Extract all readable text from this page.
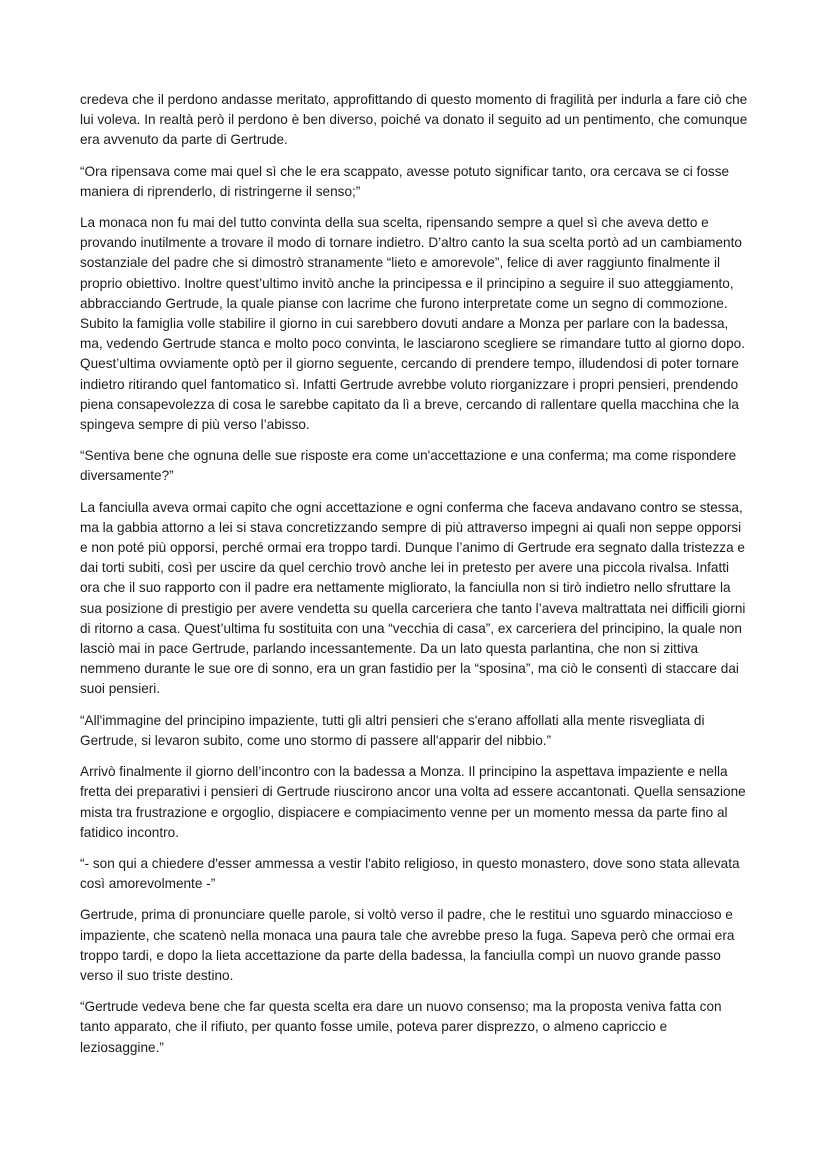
credeva che il perdono andasse meritato, approfittando di questo momento di fragilità per indurla a fare ciò che lui voleva. In realtà però il perdono è ben diverso, poiché va donato il seguito ad un pentimento, che comunque era avvenuto da parte di Gertrude.

“Ora ripensava come mai quel sì che le era scappato, avesse potuto significar tanto, ora cercava se ci fosse maniera di riprenderlo, di ristringerne il senso;”

La monaca non fu mai del tutto convinta della sua scelta, ripensando sempre a quel sì che aveva detto e provando inutilmente a trovare il modo di tornare indietro. D’altro canto la sua scelta portò ad un cambiamento sostanziale del padre che si dimostrò stranamente “lieto e amorevole”, felice di aver raggiunto finalmente il proprio obiettivo. Inoltre quest’ultimo invitò anche la principessa e il principino a seguire il suo atteggiamento, abbracciando Gertrude, la quale pianse con lacrime che furono interpretate come un segno di commozione. Subito la famiglia volle stabilire il giorno in cui sarebbero dovuti andare a Monza per parlare con la badessa, ma, vedendo Gertrude stanca e molto poco convinta, le lasciarono scegliere se rimandare tutto al giorno dopo. Quest’ultima ovviamente optò per il giorno seguente, cercando di prendere tempo, illudendosi di poter tornare indietro ritirando quel fantomatico sì. Infatti Gertrude avrebbe voluto riorganizzare i propri pensieri, prendendo piena consapevolezza di cosa le sarebbe capitato da lì a breve, cercando di rallentare quella macchina che la spingeva sempre di più verso l’abisso.

“Sentiva bene che ognuna delle sue risposte era come un'accettazione e una conferma; ma come rispondere diversamente?”

La fanciulla aveva ormai capito che ogni accettazione e ogni conferma che faceva andavano contro se stessa, ma la gabbia attorno a lei si stava concretizzando sempre di più attraverso impegni ai quali non seppe opporsi e non poté più opporsi, perché ormai era troppo tardi. Dunque l’animo di Gertrude era segnato dalla tristezza e dai torti subiti, così per uscire da quel cerchio trovò anche lei in pretesto per avere una piccola rivalsa. Infatti ora che il suo rapporto con il padre era nettamente migliorato, la fanciulla non si tirò indietro nello sfruttare la sua posizione di prestigio per avere vendetta su quella carceriera che tanto l’aveva maltrattata nei difficili giorni di ritorno a casa. Quest’ultima fu sostituita con una “vecchia di casa”, ex carceriera del principino, la quale non lasciò mai in pace Gertrude, parlando incessantemente. Da un lato questa parlantina, che non si zittiva nemmeno durante le sue ore di sonno, era un gran fastidio per la “sposina”, ma ciò le consentì di staccare dai suoi pensieri.

“All'immagine del principino impaziente, tutti gli altri pensieri che s'erano affollati alla mente risvegliata di Gertrude, si levaron subito, come uno stormo di passere all'apparir del nibbio.”

Arrivò finalmente il giorno dell’incontro con la badessa a Monza. Il principino la aspettava impaziente e nella fretta dei preparativi i pensieri di Gertrude riuscirono ancor una volta ad essere accantonati. Quella sensazione mista tra frustrazione e orgoglio, dispiacere e compiacimento venne per un momento messa da parte fino al fatidico incontro.

“- son qui a chiedere d'esser ammessa a vestir l'abito religioso, in questo monastero, dove sono stata allevata così amorevolmente -”

Gertrude, prima di pronunciare quelle parole, si voltò verso il padre, che le restituì uno sguardo minaccioso e impaziente, che scatenò nella monaca una paura tale che avrebbe preso la fuga. Sapeva però che ormai era troppo tardi, e dopo la lieta accettazione da parte della badessa, la fanciulla compì un nuovo grande passo verso il suo triste destino.

“Gertrude vedeva bene che far questa scelta era dare un nuovo consenso; ma la proposta veniva fatta con tanto apparato, che il rifiuto, per quanto fosse umile, poteva parer disprezzo, o almeno capriccio e leziosaggine.”
